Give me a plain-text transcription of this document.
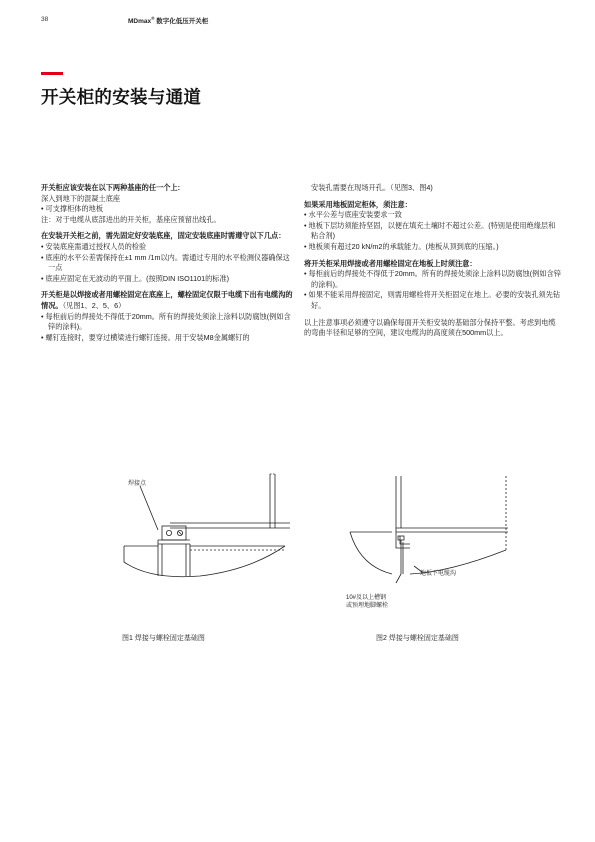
38	MDmax® 数字化低压开关柜
开关柜的安装与通道

开关柜应该安装在以下两种基座的任一个上:

深入到地下的混凝土底座

• 可支撑柜体的地板

注：对于电缆从底部进出的开关柜，基座应预留出线孔。

在安装开关柜之前，需先固定好安装底座，固定安装底座时需遵守以下几点：

• 安装底座需通过授权人员的检验

• 底座的水平公差需保持在±1 mm /1m以内。需通过专用的水平检测仪器确保这一点

• 底座应固定在无波动的平面上。(按照DIN ISO1101的标准)

开关柜是以焊接或者用螺栓固定在底座上，螺栓固定仅限于电缆下出有电缆沟的情况。（见图1、2、5、6）

• 每柜前后的焊接处不得低于20mm。所有的焊接处须涂上涂料以防腐蚀(例如含锌的涂料)。

• 螺钉连接时，要穿过横梁进行螺钉连接。用于安装M8金属螺钉的

安装孔需要在现场开孔。（见图3、图4)

如果采用地板固定柜体，须注意：

• 水平公差与底座安装要求一致

• 地板下层坊须能持坚固，以便在填充土壤时不超过公差。(特别是使用绝缘层和粘合剂)

• 地板须有超过20 kN/m2的承载能力。(地板从顶到底的压缩。)

将开关柜采用焊接或者用螺栓固定在地板上时须注意：

• 每柜前后的焊接处不得低于20mm。所有的焊接处须涂上涂料以防腐蚀(例如含锌的涂料)。

• 如果不能采用焊接固定，则需用螺栓将开关柜固定在地上。必要的安装孔须先钻好。

以上注意事项必须遵守以确保每面开关柜安装的基础部分保持平整。考虑到电缆的弯曲半径和足够的空间，建议电缆沟的高度须在500mm以上。

焊接点
地板下电缆沟
10#及以上槽钢
或预埋地脚螺栓
图1 焊接与螺栓固定基础图	图2 焊接与螺栓固定基础图
